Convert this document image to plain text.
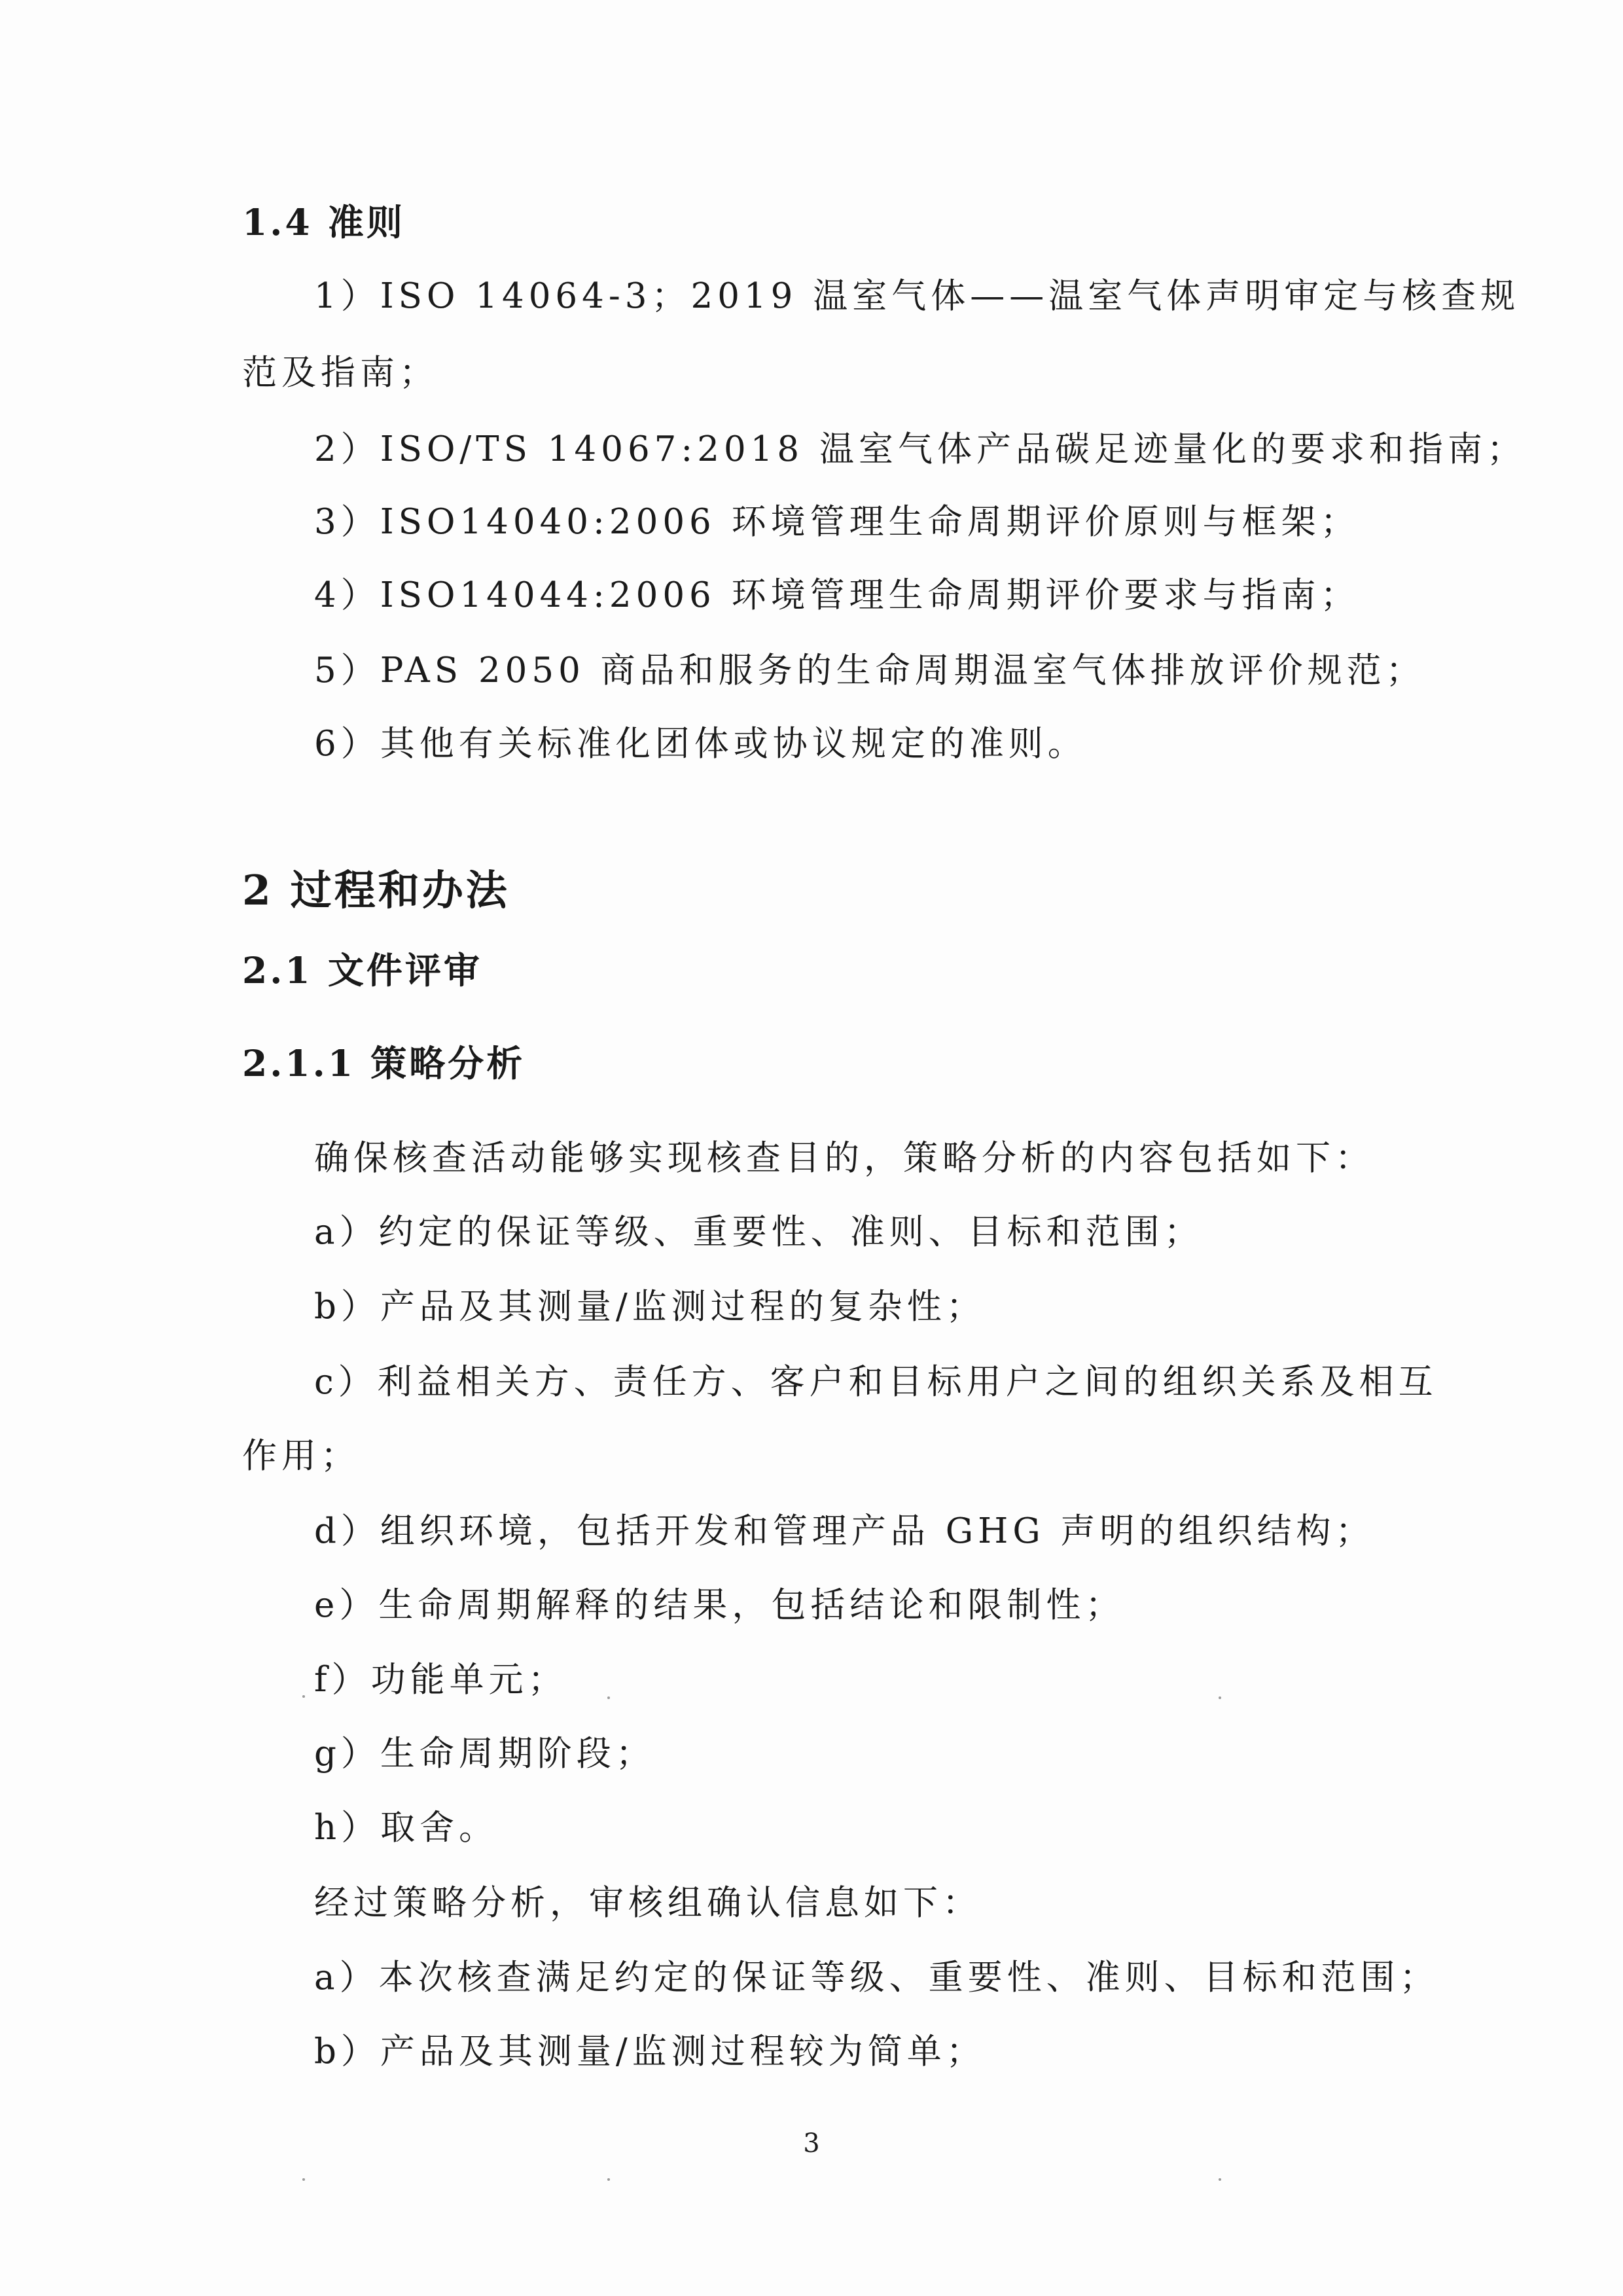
1.4 准则
1）ISO 14064-3；2019 温室气体——温室气体声明审定与核查规
范及指南；
2）ISO/TS 14067:2018 温室气体产品碳足迹量化的要求和指南；
3）ISO14040:2006 环境管理生命周期评价原则与框架；
4）ISO14044:2006 环境管理生命周期评价要求与指南；
5）PAS 2050 商品和服务的生命周期温室气体排放评价规范；
6）其他有关标准化团体或协议规定的准则。
2 过程和办法
2.1 文件评审
2.1.1 策略分析
确保核查活动能够实现核查目的，策略分析的内容包括如下：
a）约定的保证等级、重要性、准则、目标和范围；
b）产品及其测量/监测过程的复杂性；
c）利益相关方、责任方、客户和目标用户之间的组织关系及相互
作用；
d）组织环境，包括开发和管理产品 GHG 声明的组织结构；
e）生命周期解释的结果，包括结论和限制性；
f）功能单元；
g）生命周期阶段；
h）取舍。
经过策略分析，审核组确认信息如下：
a）本次核查满足约定的保证等级、重要性、准则、目标和范围；
b）产品及其测量/监测过程较为简单；
3
